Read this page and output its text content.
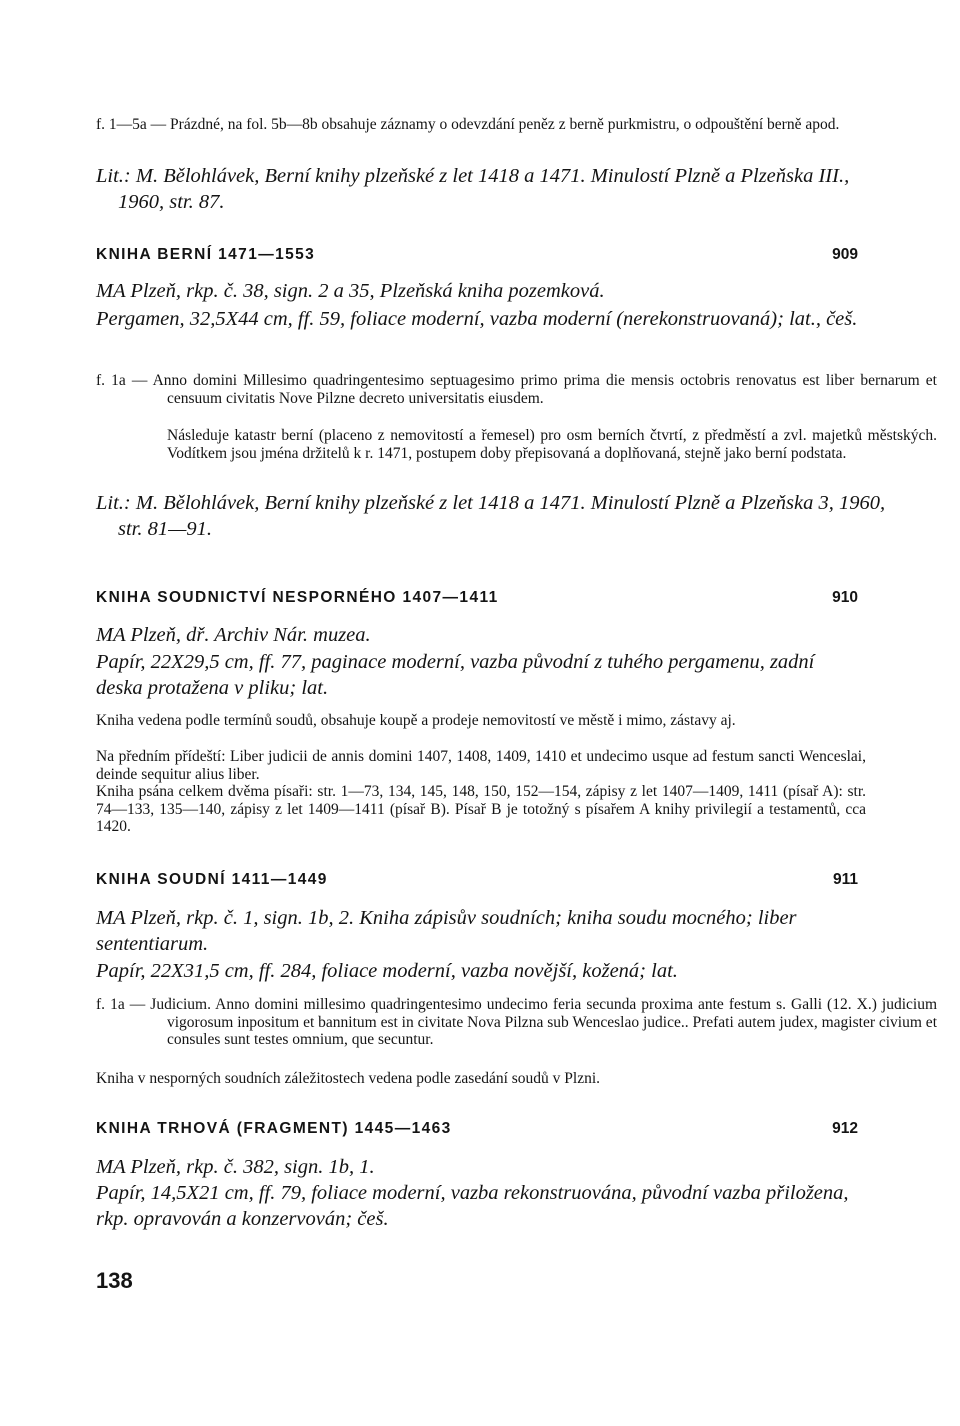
f. 1—5a — Prázdné, na fol. 5b—8b obsahuje záznamy o odevzdání peněz z berně purkmistru, o odpouštění berně apod.
Lit.: M. Bělohlávek, Berní knihy plzeňské z let 1418 a 1471. Minulostí Plzně a Plzeňska III., 1960, str. 87.
KNIHA BERNÍ 1471—1553	909
MA Plzeň, rkp. č. 38, sign. 2 a 35, Plzeňská kniha pozemková.
Pergamen, 32,5X44 cm, ff. 59, foliace moderní, vazba moderní (nerekonstruovaná); lat., češ.
f. 1a — Anno domini Millesimo quadringentesimo septuagesimo primo prima die mensis octobris renovatus est liber bernarum et censuum civitatis Nove Pilzne decreto universitatis eiusdem.
Následuje katastr berní (placeno z nemovitostí a řemesel) pro osm berních čtvrtí, z předměstí a zvl. majetků městských. Vodítkem jsou jména držitelů k r. 1471, postupem doby přepisovaná a doplňovaná, stejně jako berní podstata.
Lit.: M. Bělohlávek, Berní knihy plzeňské z let 1418 a 1471. Minulostí Plzně a Plzeňska 3, 1960, str. 81—91.
KNIHA SOUDNICTVÍ NESPORNÉHO 1407—1411	910
MA Plzeň, dř. Archiv Nár. muzea.
Papír, 22X29,5 cm, ff. 77, paginace moderní, vazba původní z tuhého pergamenu, zadní deska protažena v pliku; lat.
Kniha vedena podle termínů soudů, obsahuje koupě a prodeje nemovitostí ve městě i mimo, zástavy aj.
Na předním přídeští: Liber judicii de annis domini 1407, 1408, 1409, 1410 et undecimo usque ad festum sancti Wenceslai, deinde sequitur alius liber.
Kniha psána celkem dvěma písaři: str. 1—73, 134, 145, 148, 150, 152—154, zápisy z let 1407—1409, 1411 (písař A): str. 74—133, 135—140, zápisy z let 1409—1411 (písař B). Písař B je totožný s písařem A knihy privilegií a testamentů, cca 1420.
KNIHA SOUDNÍ 1411—1449	911
MA Plzeň, rkp. č. 1, sign. 1b, 2. Kniha zápisův soudních; kniha soudu mocného; liber sententiarum.
Papír, 22X31,5 cm, ff. 284, foliace moderní, vazba novější, kožená; lat.
f. 1a — Judicium. Anno domini millesimo quadringentesimo undecimo feria secunda proxima ante festum s. Galli (12. X.) judicium vigorosum inpositum et bannitum est in civitate Nova Pilzna sub Wenceslao judice.. Prefati autem judex, magister civium et consules sunt testes omnium, que secuntur.
Kniha v nesporných soudních záležitostech vedena podle zasedání soudů v Plzni.
KNIHA TRHOVÁ (FRAGMENT) 1445—1463	912
MA Plzeň, rkp. č. 382, sign. 1b, 1.
Papír, 14,5X21 cm, ff. 79, foliace moderní, vazba rekonstruována, původní vazba přiložena, rkp. opravován a konzervován; češ.
138
